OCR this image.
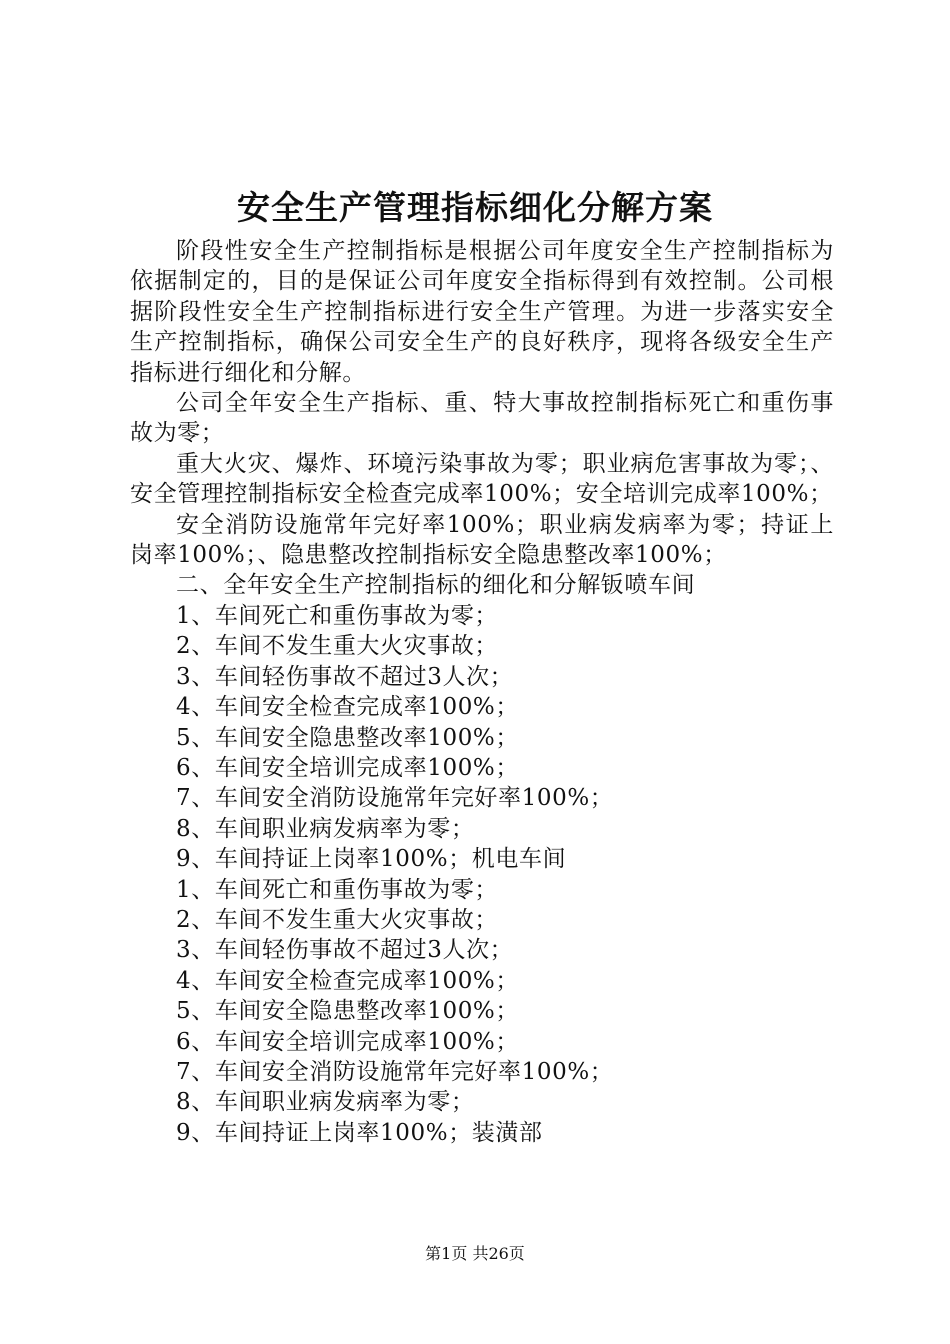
安全生产管理指标细化分解方案

阶段性安全生产控制指标是根据公司年度安全生产控制指标为依据制定的，目的是保证公司年度安全指标得到有效控制。公司根据阶段性安全生产控制指标进行安全生产管理。为进一步落实安全生产控制指标，确保公司安全生产的良好秩序，现将各级安全生产指标进行细化和分解。

公司全年安全生产指标、重、特大事故控制指标死亡和重伤事故为零；

重大火灾、爆炸、环境污染事故为零；职业病危害事故为零；、安全管理控制指标安全检查完成率100%；安全培训完成率100%；

安全消防设施常年完好率100%；职业病发病率为零；持证上岗率100%；、隐患整改控制指标安全隐患整改率100%；

二、全年安全生产控制指标的细化和分解钣喷车间

1、车间死亡和重伤事故为零；

2、车间不发生重大火灾事故；

3、车间轻伤事故不超过3人次；

4、车间安全检查完成率100%；

5、车间安全隐患整改率100%；

6、车间安全培训完成率100%；

7、车间安全消防设施常年完好率100%；

8、车间职业病发病率为零；

9、车间持证上岗率100%；机电车间

1、车间死亡和重伤事故为零；

2、车间不发生重大火灾事故；

3、车间轻伤事故不超过3人次；

4、车间安全检查完成率100%；

5、车间安全隐患整改率100%；

6、车间安全培训完成率100%；

7、车间安全消防设施常年完好率100%；

8、车间职业病发病率为零；

9、车间持证上岗率100%；装潢部

第1页 共26页
